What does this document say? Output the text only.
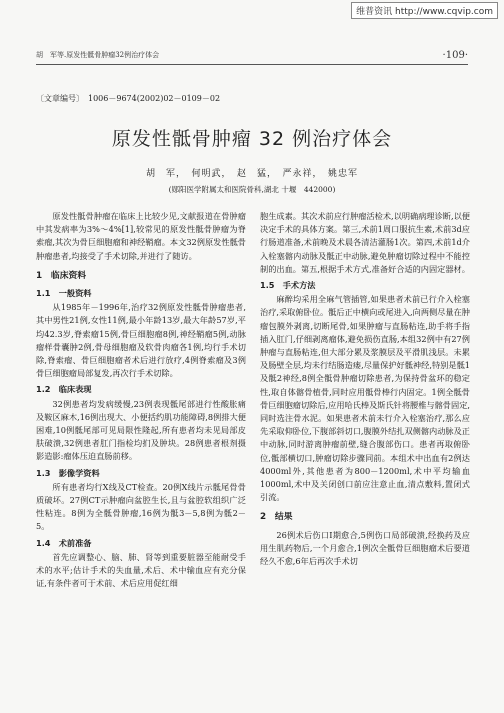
维普资讯 http://www.cqvip.com
胡　军等.原发性骶骨肿瘤32例治疗体会	·109·
〔文章编号〕　1006－9674(2002)02－0109－02
原发性骶骨肿瘤 32 例治疗体会
胡　军，　何明武，　赵　猛，　严永祥，　姚忠军
(郧阳医学附属太和医院骨科,湖北 十堰　442000)

原发性骶骨肿瘤在临床上比较少见,文献报道在骨肿瘤中其发病率为3%～4%[1],较常见的原发性骶骨肿瘤为脊索瘤,其次为骨巨细胞瘤和神经鞘瘤。本文32例原发性骶骨肿瘤患者,均接受了手术切除,并进行了随访。

1　临床资料
1.1　一般资料

从1985年－1996年,治疗32例原发性骶骨肿瘤患者,其中男性21例,女性11例,最小年龄13岁,最大年龄57岁,平均42.3岁,脊索瘤15例,骨巨细胞瘤8例,神经鞘瘤5例,动脉瘤样骨囊肿2例,骨母细胞瘤及软骨肉瘤各1例,均行手术切除,脊索瘤、骨巨细胞瘤者术后进行放疗,4例脊索瘤及3例骨巨细胞瘤局部复发,再次行手术切除。

1.2　临床表现

32例患者均发病缓慢,23例表现骶尾部进行性酸胀痛及鞍区麻木,16例出现大、小便括约肌功能障碍,8例排大便困难,10例骶尾部可见局限性隆起,所有患者均未见局部皮肤破溃,32例患者肛门指检均扪及肿块。28例患者根剂摄影造影:瘤体压迫直肠前移。

1.3　影像学资料

所有患者均行X线及CT检查。20例X线片示骶尾骨骨质破坏。27例CT示肿瘤向盆腔生长,且与盆腔软组织广泛性粘连。8例为全骶骨肿瘤,16例为骶3－5,8例为骶2－5。

1.4　术前准备

首先应调整心、脑、肺、肾等到重要脏器至能耐受手术的水平;估计手术的失血量,术后、术中输血应有充分保证,有条件者可于术前、术后应用促红细

胞生成素。其次术前应行肿瘤活检术,以明确病理诊断,以便决定手术的具体方案。第三,术前1周口服抗生素,术前3d应行肠道准备,术前晚及术晨各清洁灌肠1次。第四,术前1d介入栓塞髂内动脉及骶正中动脉,避免肿瘤切除过程中不能控制的出血。第五,根据手术方式,准备好合适的内固定器材。

1.5　手术方法

麻醉均采用全麻气管插管,如果患者术前已行介入栓塞治疗,采取俯卧位。骶后正中横向或尾进入,向两侧尽量在肿瘤包膜外剥离,切断尾骨,如果肿瘤与直肠粘连,助手将手指插入肛门,仔细剥离瘤体,避免损伤直肠,本组32例中有27例肿瘤与直肠粘连,但大部分累及浆膜层及平滑肌浅层。未累及肠壁全层,均未行结肠造瘘,尽量保护好骶神经,特别是骶1及骶2神经,8例全骶骨肿瘤切除患者,为保持骨盆环的稳定性,取自体髂骨植骨,同时应用骶骨棒行内固定。1例全骶骨骨巨细胞瘤切除后,应用哈氏棒及斯氏针将腰椎与髂骨固定,同时选注骨水泥。如果患者术前未行介入栓塞治疗,那么应先采取仰卧位,下腹部斜切口,腹膜外结扎双侧髂内动脉及正中动脉,同时游离肿瘤前壁,缝合腹部伤口。患者再取俯卧位,骶部横切口,肿瘤切除步骤同前。本组术中出血有2例达4000ml外,其他患者为800－1200ml,术中平均输血1000ml,术中及关闭创口前应注意止血,清点敷料,置闭式引流。

2　结果

26例术后伤口Ⅰ期愈合,5例伤口局部破溃,经换药及应用生肌药物后,一个月愈合,1例次全骶骨巨细胞瘤术后要道经久不愈,6年后再次手术切
